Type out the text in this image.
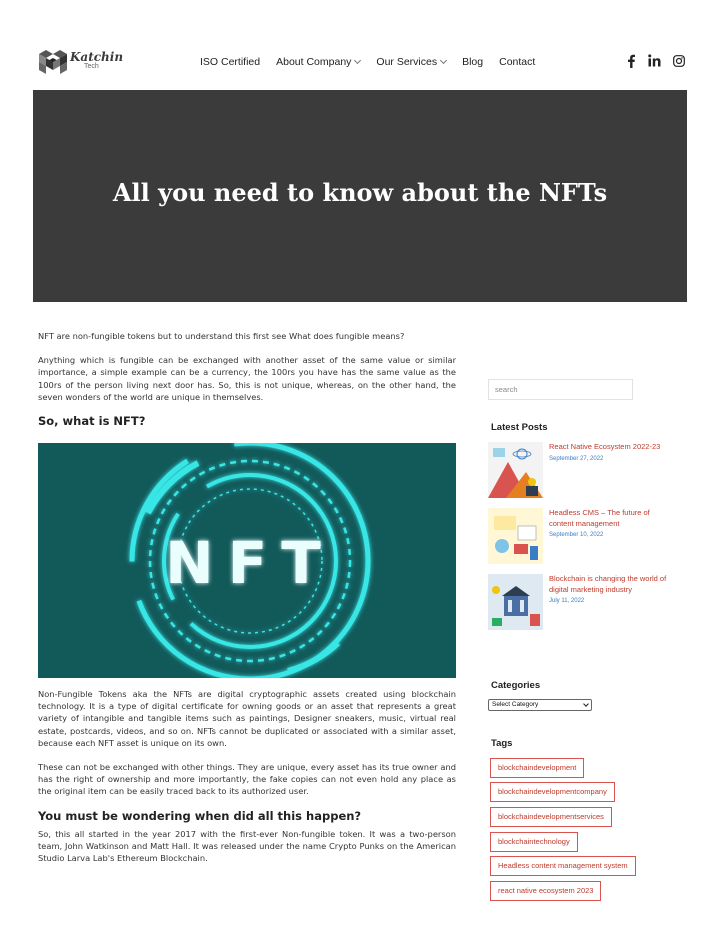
Katchin
Tech	ISO Certified About Company Our Services Blog Contact
All you need to know about the NFTs

NFT are non-fungible tokens but to understand this first see What does fungible means?

Anything which is fungible can be exchanged with another asset of the same value or similar importance, a simple example can be a currency, the 100rs you have has the same value as the 100rs of the person living next door has. So, this is not unique, whereas, on the other hand, the seven wonders of the world are unique in themselves.

So, what is NFT?
NFT

Non-Fungible Tokens aka the NFTs are digital cryptographic assets created using blockchain technology. It is a type of digital certificate for owning goods or an asset that represents a great variety of intangible and tangible items such as paintings, Designer sneakers, music, virtual real estate, postcards, videos, and so on. NFTs cannot be duplicated or associated with a similar asset, because each NFT asset is unique on its own.

These can not be exchanged with other things. They are unique, every asset has its true owner and has the right of ownership and more importantly, the fake copies can not even hold any place as the original item can be easily traced back to its authorized user.

You must be wondering when did all this happen?

So, this all started in the year 2017 with the first-ever Non-fungible token. It was a two-person team, John Watkinson and Matt Hall. It was released under the name Crypto Punks on the American Studio Larva Lab's Ethereum Blockchain.

search
Latest Posts
React Native Ecosystem 2022-23
September 27, 2022
Headless CMS – The future of content management
September 10, 2022
Blockchain is changing the world of digital marketing industry
July 11, 2022
Categories
Select Category
Tags
blockchaindevelopment
blockchaindevelopmentcompany
blockchaindevelopmentservices
blockchaintechnology
Headless content management system
react native ecosystem 2023
